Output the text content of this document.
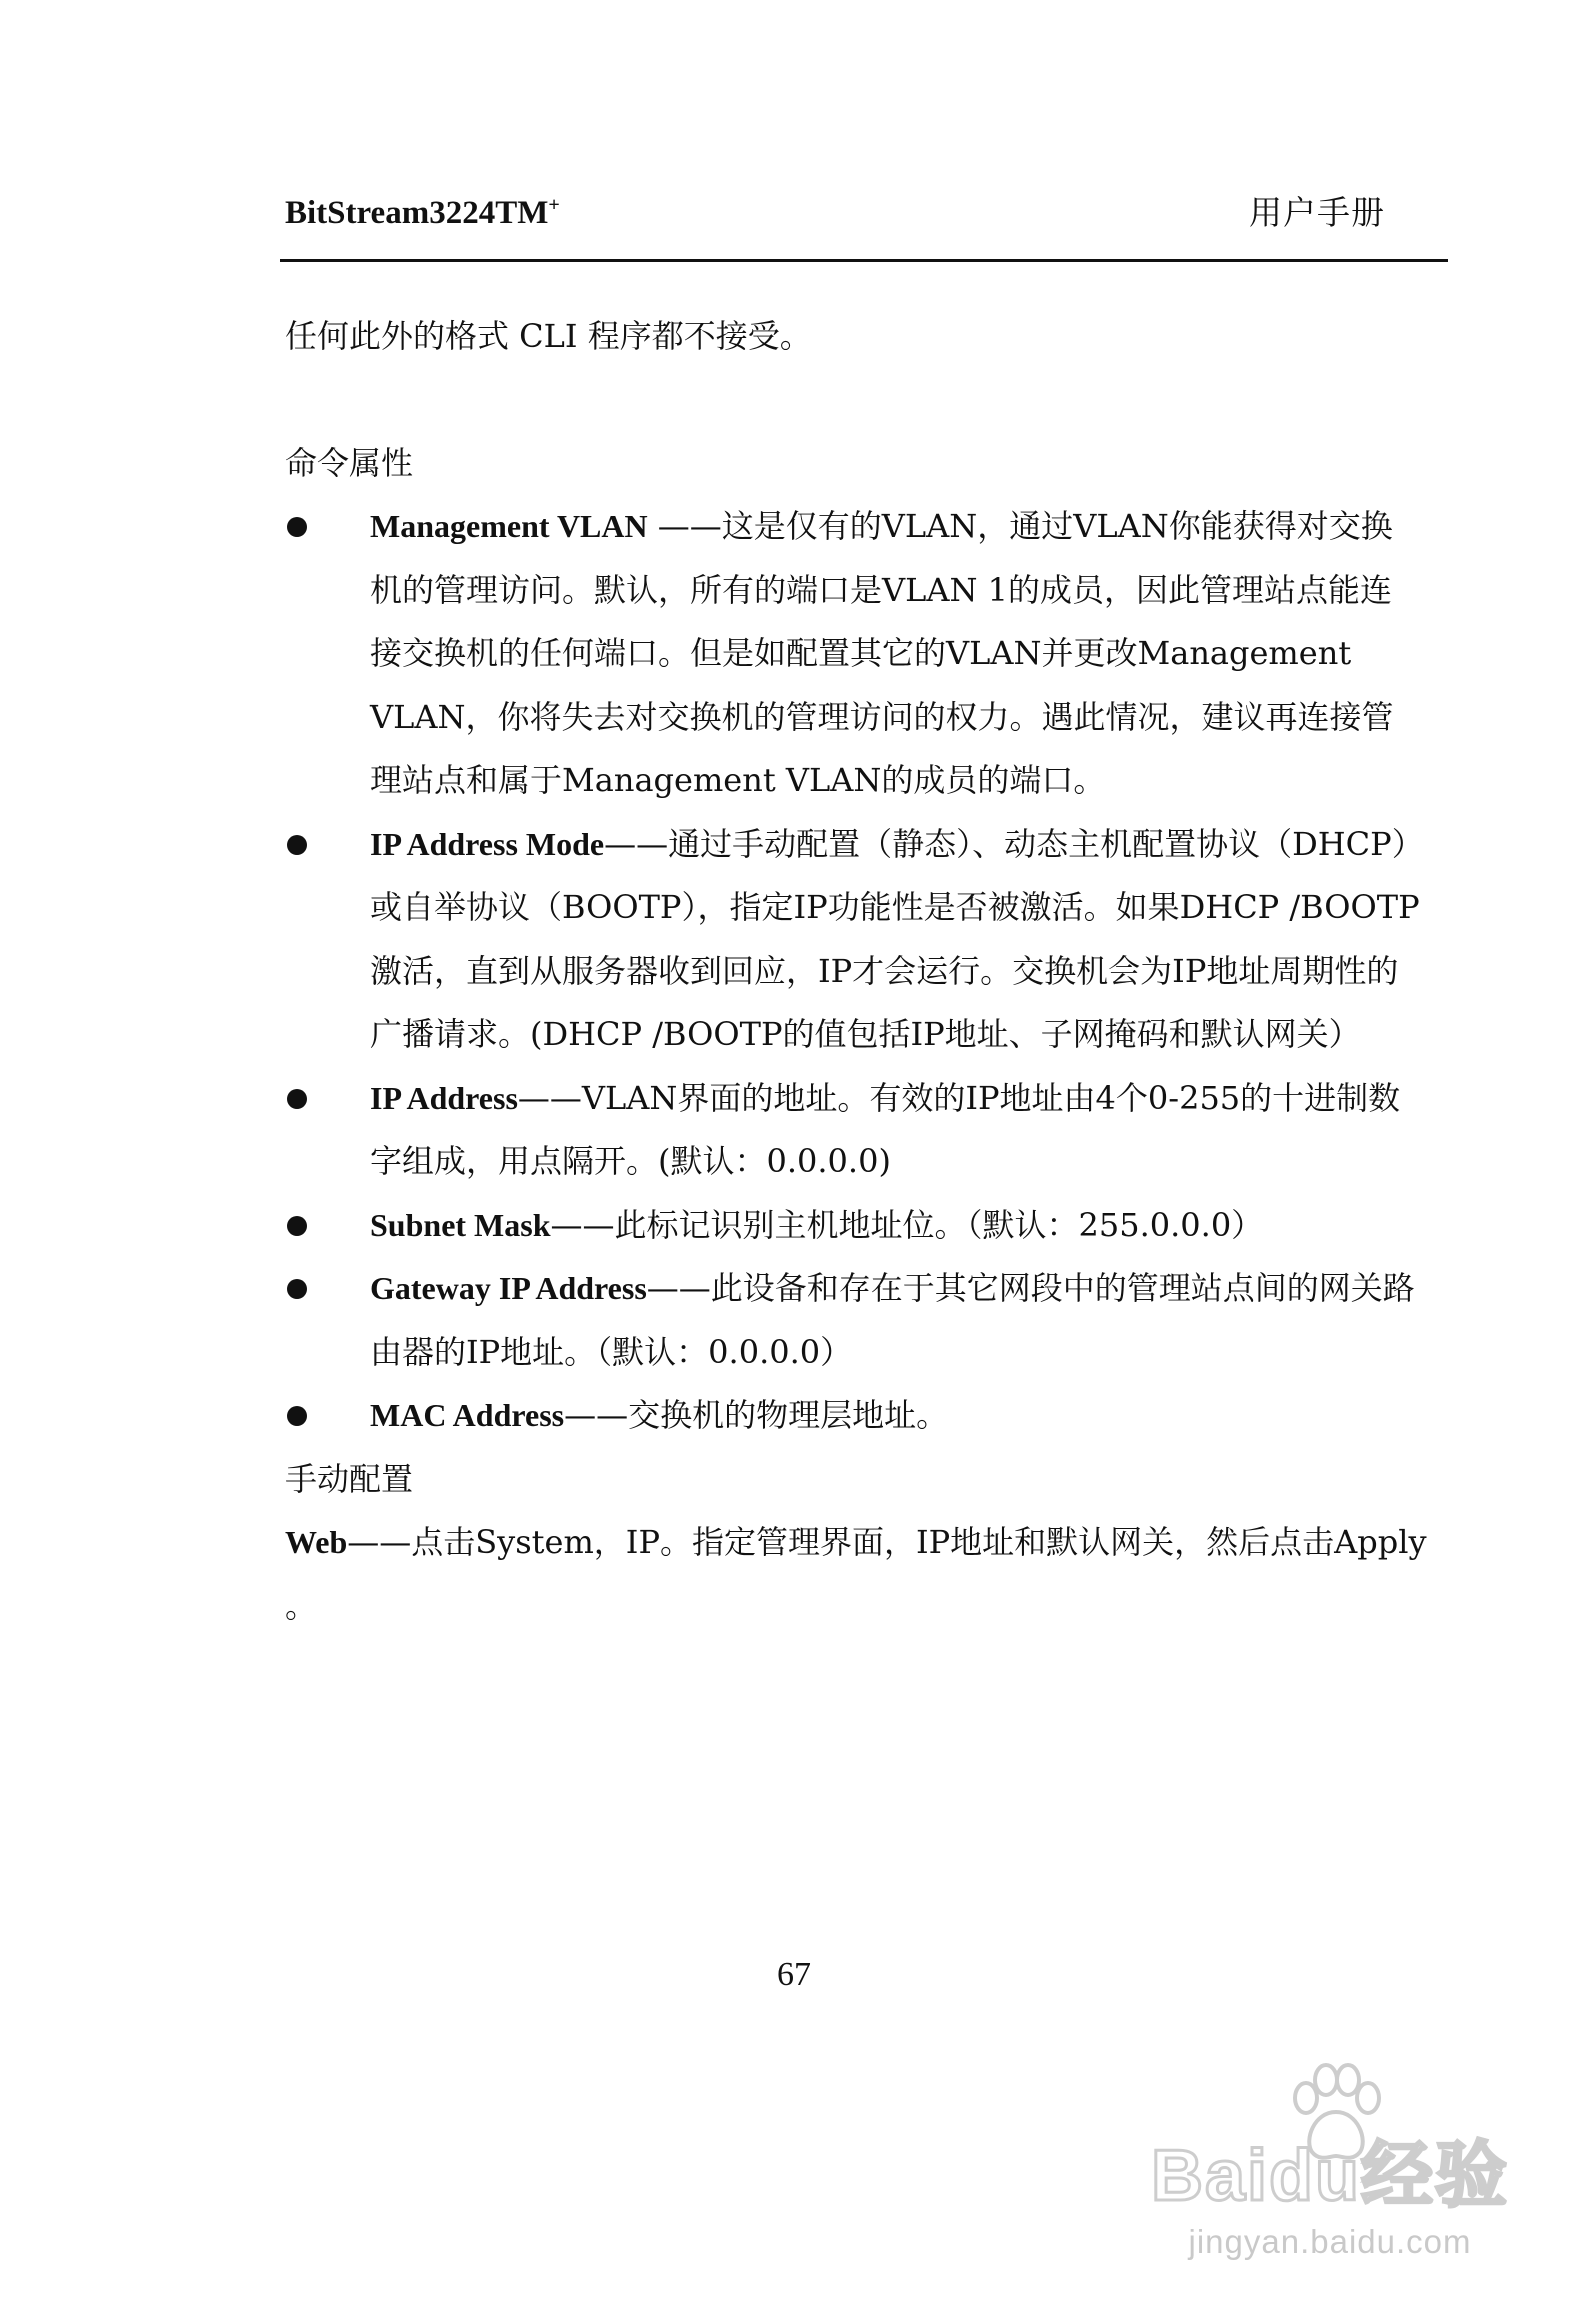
BitStream3224TM+	用户手册

任何此外的格式 CLI 程序都不接受。

命令属性

Management VLAN ——这是仅有的VLAN，通过VLAN你能获得对交换机的管理访问。默认，所有的端口是VLAN 1的成员，因此管理站点能连接交换机的任何端口。但是如配置其它的VLAN并更改Management VLAN，你将失去对交换机的管理访问的权力。遇此情况，建议再连接管理站点和属于Management VLAN的成员的端口。
IP Address Mode——通过手动配置（静态）、动态主机配置协议（DHCP）或自举协议（BOOTP），指定IP功能性是否被激活。如果DHCP /BOOTP激活，直到从服务器收到回应，IP才会运行。交换机会为IP地址周期性的广播请求。(DHCP /BOOTP的值包括IP地址、子网掩码和默认网关）
IP Address——VLAN界面的地址。有效的IP地址由4个0-255的十进制数字组成，用点隔开。(默认：0.0.0.0)
Subnet Mask——此标记识别主机地址位。（默认：255.0.0.0）
Gateway IP Address——此设备和存在于其它网段中的管理站点间的网关路由器的IP地址。（默认：0.0.0.0）
MAC Address——交换机的物理层地址。

手动配置

Web——点击System，IP。指定管理界面，IP地址和默认网关，然后点击Apply 。

67
Baidu经验
jingyan.baidu.com
